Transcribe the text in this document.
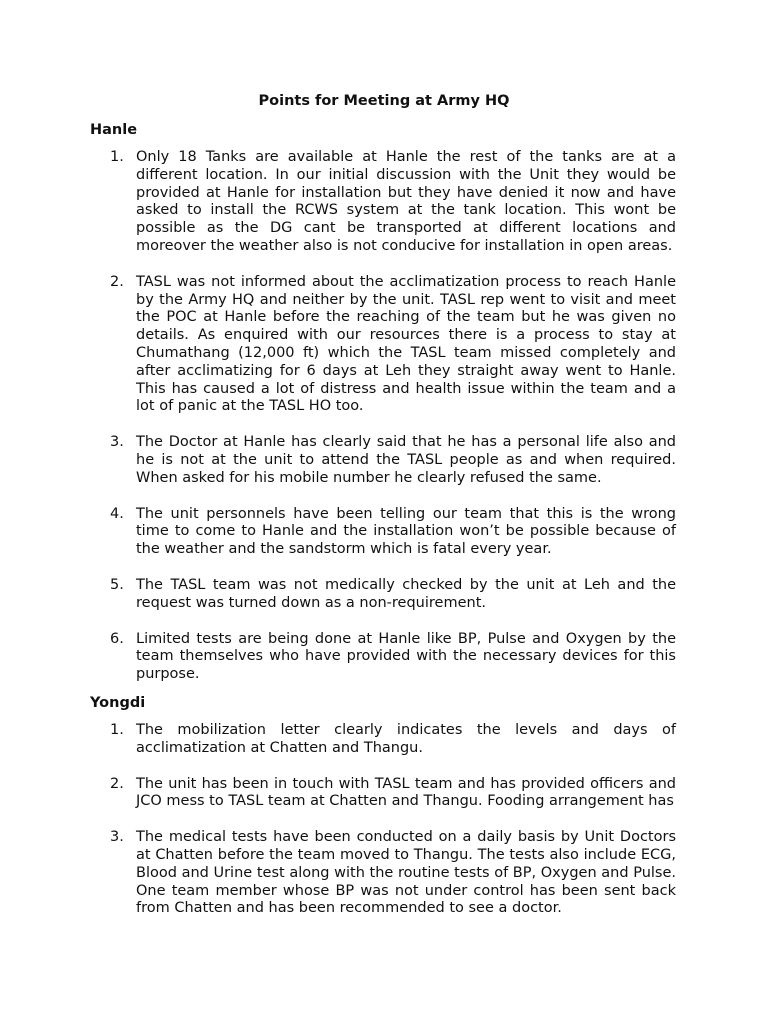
Points for Meeting at Army HQ
Hanle
1. Only 18 Tanks are available at Hanle the rest of the tanks are at a different location. In our initial discussion with the Unit they would be provided at Hanle for installation but they have denied it now and have asked to install the RCWS system at the tank location. This wont be possible as the DG cant be transported at different locations and moreover the weather also is not conducive for installation in open areas.
2. TASL was not informed about the acclimatization process to reach Hanle by the Army HQ and neither by the unit. TASL rep went to visit and meet the POC at Hanle before the reaching of the team but he was given no details. As enquired with our resources there is a process to stay at Chumathang (12,000 ft) which the TASL team missed completely and after acclimatizing for 6 days at Leh they straight away went to Hanle. This has caused a lot of distress and health issue within the team and a lot of panic at the TASL HO too.
3. The Doctor at Hanle has clearly said that he has a personal life also and he is not at the unit to attend the TASL people as and when required. When asked for his mobile number he clearly refused the same.
4. The unit personnels have been telling our team that this is the wrong time to come to Hanle and the installation won’t be possible because of the weather and the sandstorm which is fatal every year.
5. The TASL team was not medically checked by the unit at Leh and the request was turned down as a non-requirement.
6. Limited tests are being done at Hanle like BP, Pulse and Oxygen by the team themselves who have provided with the necessary devices for this purpose.
Yongdi
1. The mobilization letter clearly indicates the levels and days of acclimatization at Chatten and Thangu.
2. The unit has been in touch with TASL team and has provided officers and JCO mess to TASL team at Chatten and Thangu. Fooding arrangement has
3. The medical tests have been conducted on a daily basis by Unit Doctors at Chatten before the team moved to Thangu. The tests also include ECG, Blood and Urine test along with the routine tests of BP, Oxygen and Pulse. One team member whose BP was not under control has been sent back from Chatten and has been recommended to see a doctor.
